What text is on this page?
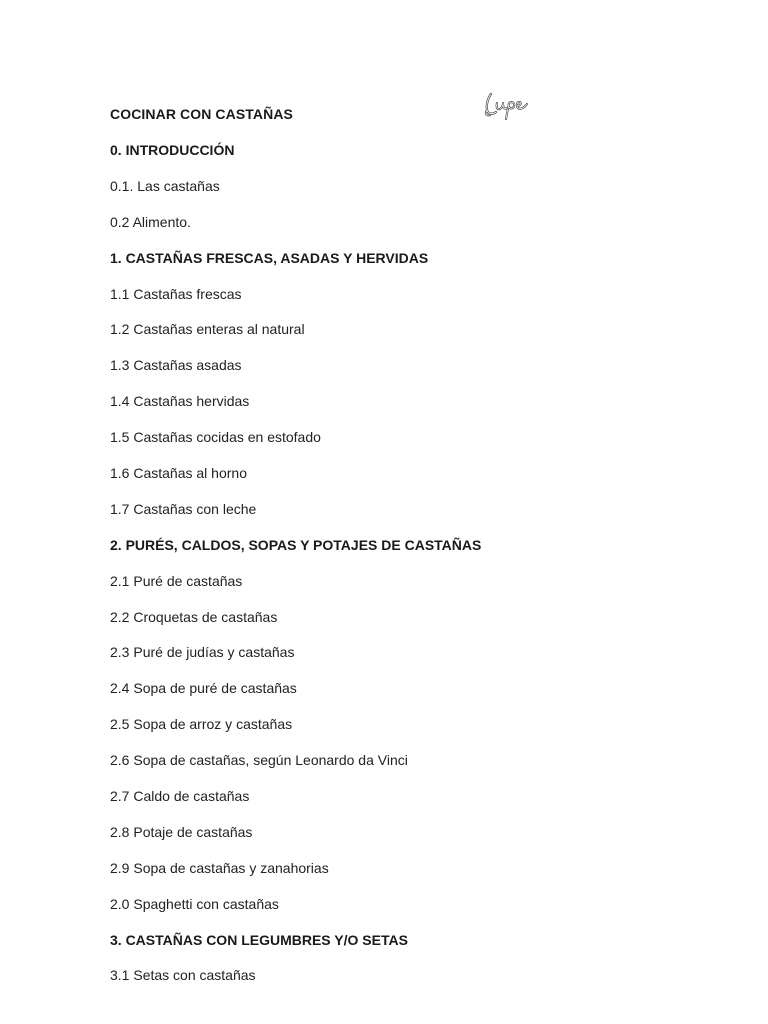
COCINAR CON CASTAÑAS
0. INTRODUCCIÓN
0.1. Las castañas
0.2 Alimento.
1. CASTAÑAS FRESCAS, ASADAS Y HERVIDAS
1.1 Castañas frescas
1.2 Castañas enteras al natural
1.3 Castañas asadas
1.4 Castañas hervidas
1.5 Castañas cocidas en estofado
1.6 Castañas al horno
1.7 Castañas con leche
2. PURÉS, CALDOS, SOPAS Y POTAJES DE CASTAÑAS
2.1 Puré de castañas
2.2 Croquetas de castañas
2.3 Puré de judías y castañas
2.4 Sopa de puré de castañas
2.5 Sopa de arroz y castañas
2.6 Sopa de castañas, según Leonardo da Vinci
2.7 Caldo de castañas
2.8 Potaje de castañas
2.9 Sopa de castañas y zanahorias
2.0 Spaghetti con castañas
3. CASTAÑAS CON LEGUMBRES Y/O SETAS
3.1 Setas con castañas
